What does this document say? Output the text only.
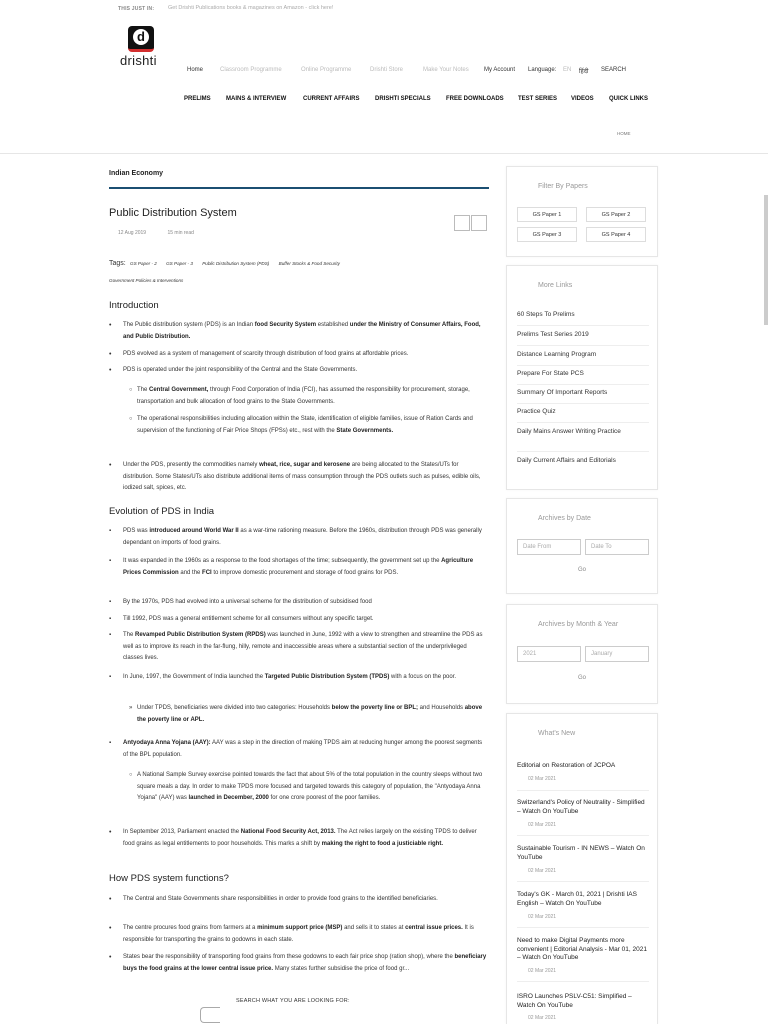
THIS JUST IN:	Get Drishti Publications books & magazines on Amazon - click here!
d
drishti
Home	Classroom Programme	Online Programme	Drishti Store	Make Your Notes	My Account Language: EN हिंदी SEARCH
PRELIMS	MAINS & INTERVIEW	CURRENT AFFAIRS	DRISHTI SPECIALS	FREE DOWNLOADS TEST SERIES VIDEOS	QUICK LINKS
HOME
Indian Economy
Public Distribution System
12 Aug 2019	15 min read
Tags: GS Paper - 2 GS Paper - 3 Public Distribution System (PDS) Buffer Stocks & Food Security
Government Policies & Interventions
Introduction
• The Public distribution system (PDS) is an Indian food Security System established under the Ministry of Consumer Affairs, Food, and Public Distribution.
• PDS evolved as a system of management of scarcity through distribution of food grains at affordable prices.
• PDS is operated under the joint responsibility of the Central and the State Governments.
○ The Central Government, through Food Corporation of India (FCI), has assumed the responsibility for procurement, storage, transportation and bulk allocation of food grains to the State Governments.
○ The operational responsibilities including allocation within the State, identification of eligible families, issue of Ration Cards and supervision of the functioning of Fair Price Shops (FPSs) etc., rest with the State Governments.
• Under the PDS, presently the commodities namely wheat, rice, sugar and kerosene are being allocated to the States/UTs for distribution. Some States/UTs also distribute additional items of mass consumption through the PDS outlets such as pulses, edible oils, iodized salt, spices, etc.
Evolution of PDS in India
▪ PDS was introduced around World War II as a war-time rationing measure. Before the 1960s, distribution through PDS was generally dependant on imports of food grains.
▪ It was expanded in the 1960s as a response to the food shortages of the time; subsequently, the government set up the Agriculture Prices Commission and the FCI to improve domestic procurement and storage of food grains for PDS.
▪ By the 1970s, PDS had evolved into a universal scheme for the distribution of subsidised food
▪ Till 1992, PDS was a general entitlement scheme for all consumers without any specific target.
▪ The Revamped Public Distribution System (RPDS) was launched in June, 1992 with a view to strengthen and streamline the PDS as well as to improve its reach in the far-flung, hilly, remote and inaccessible areas where a substantial section of the underprivileged classes lives.
▪ In June, 1997, the Government of India launched the Targeted Public Distribution System (TPDS) with a focus on the poor.
» Under TPDS, beneficiaries were divided into two categories: Households below the poverty line or BPL; and Households above the poverty line or APL.
▪ Antyodaya Anna Yojana (AAY): AAY was a step in the direction of making TPDS aim at reducing hunger among the poorest segments of the BPL population.
○ A National Sample Survey exercise pointed towards the fact that about 5% of the total population in the country sleeps without two square meals a day. In order to make TPDS more focused and targeted towards this category of population, the "Antyodaya Anna Yojana" (AAY) was launched in December, 2000 for one crore poorest of the poor families.
• In September 2013, Parliament enacted the National Food Security Act, 2013. The Act relies largely on the existing TPDS to deliver food grains as legal entitlements to poor households. This marks a shift by making the right to food a justiciable right.
How PDS system functions?
• The Central and State Governments share responsibilities in order to provide food grains to the identified beneficiaries.
• The centre procures food grains from farmers at a minimum support price (MSP) and sells it to states at central issue prices. It is responsible for transporting the grains to godowns in each state.
• States bear the responsibility of transporting food grains from these godowns to each fair price shop (ration shop), where the beneficiary buys the food grains at the lower central issue price. Many states further subsidise the price of food gr...
Filter By Papers
GS Paper 1	GS Paper 2
GS Paper 3	GS Paper 4
More Links
60 Steps To Prelims
Prelims Test Series 2019
Distance Learning Program
Prepare For State PCS
Summary Of Important Reports
Practice Quiz
Daily Mains Answer Writing Practice
Daily Current Affairs and Editorials
Archives by Date
Date From	Date To
Go
Archives by Month & Year
2021	January
Go
What's New
Editorial on Restoration of JCPOA
02 Mar 2021
Switzerland's Policy of Neutrality - Simplified – Watch On YouTube
02 Mar 2021
Sustainable Tourism - IN NEWS – Watch On YouTube
02 Mar 2021
Today's GK - March 01, 2021 | Drishti IAS English – Watch On YouTube
02 Mar 2021
Need to make Digital Payments more convenient | Editorial Analysis - Mar 01, 2021 – Watch On YouTube
02 Mar 2021
ISRO Launches PSLV-C51: Simplified – Watch On YouTube
02 Mar 2021
SEARCH WHAT YOU ARE LOOKING FOR:
